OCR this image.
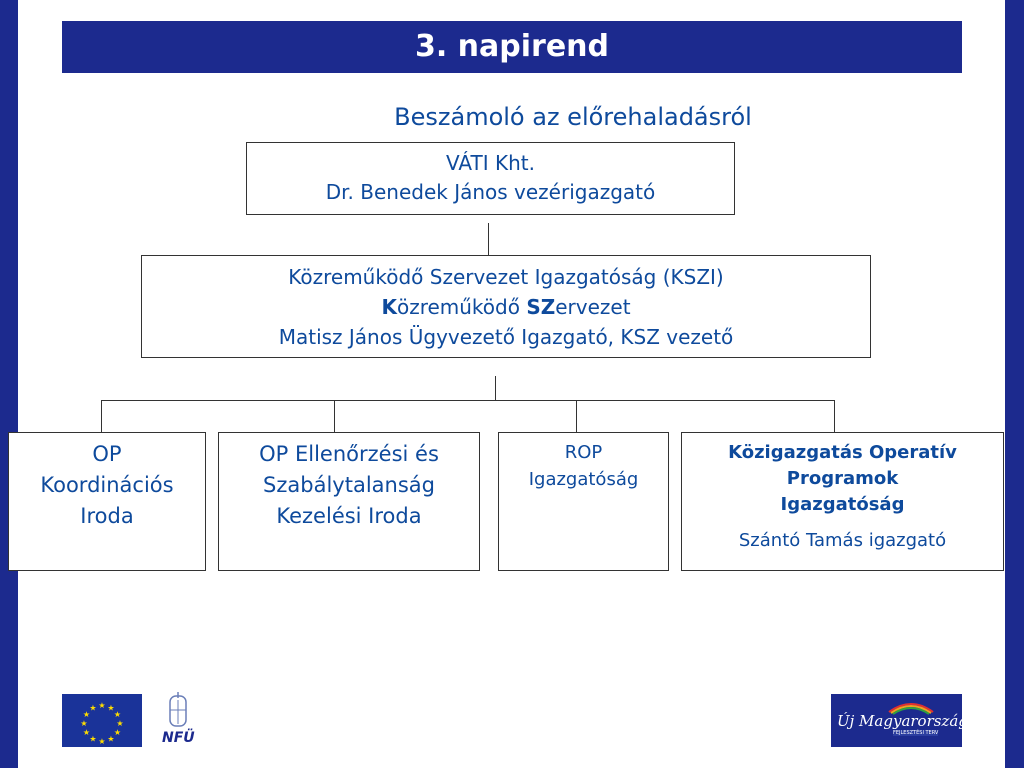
3. napirend
Beszámoló az előrehaladásról
VÁTI Kht.
Dr. Benedek János vezérigazgató
Közreműködő Szervezet Igazgatóság (KSZI)
Közreműködő SZervezet
Matisz János Ügyvezető Igazgató, KSZ vezető
OP
Koordinációs
Iroda
OP Ellenőrzési és
Szabálytalanság
Kezelési Iroda
ROP
Igazgatóság
Közigazgatás Operatív
Programok
Igazgatóság
Szántó Tamás igazgató
★ ★
★
★
★
★
★
★
★
★
★
★
NFÜ
Új Magyarország
FEJLESZTÉSI TERV
